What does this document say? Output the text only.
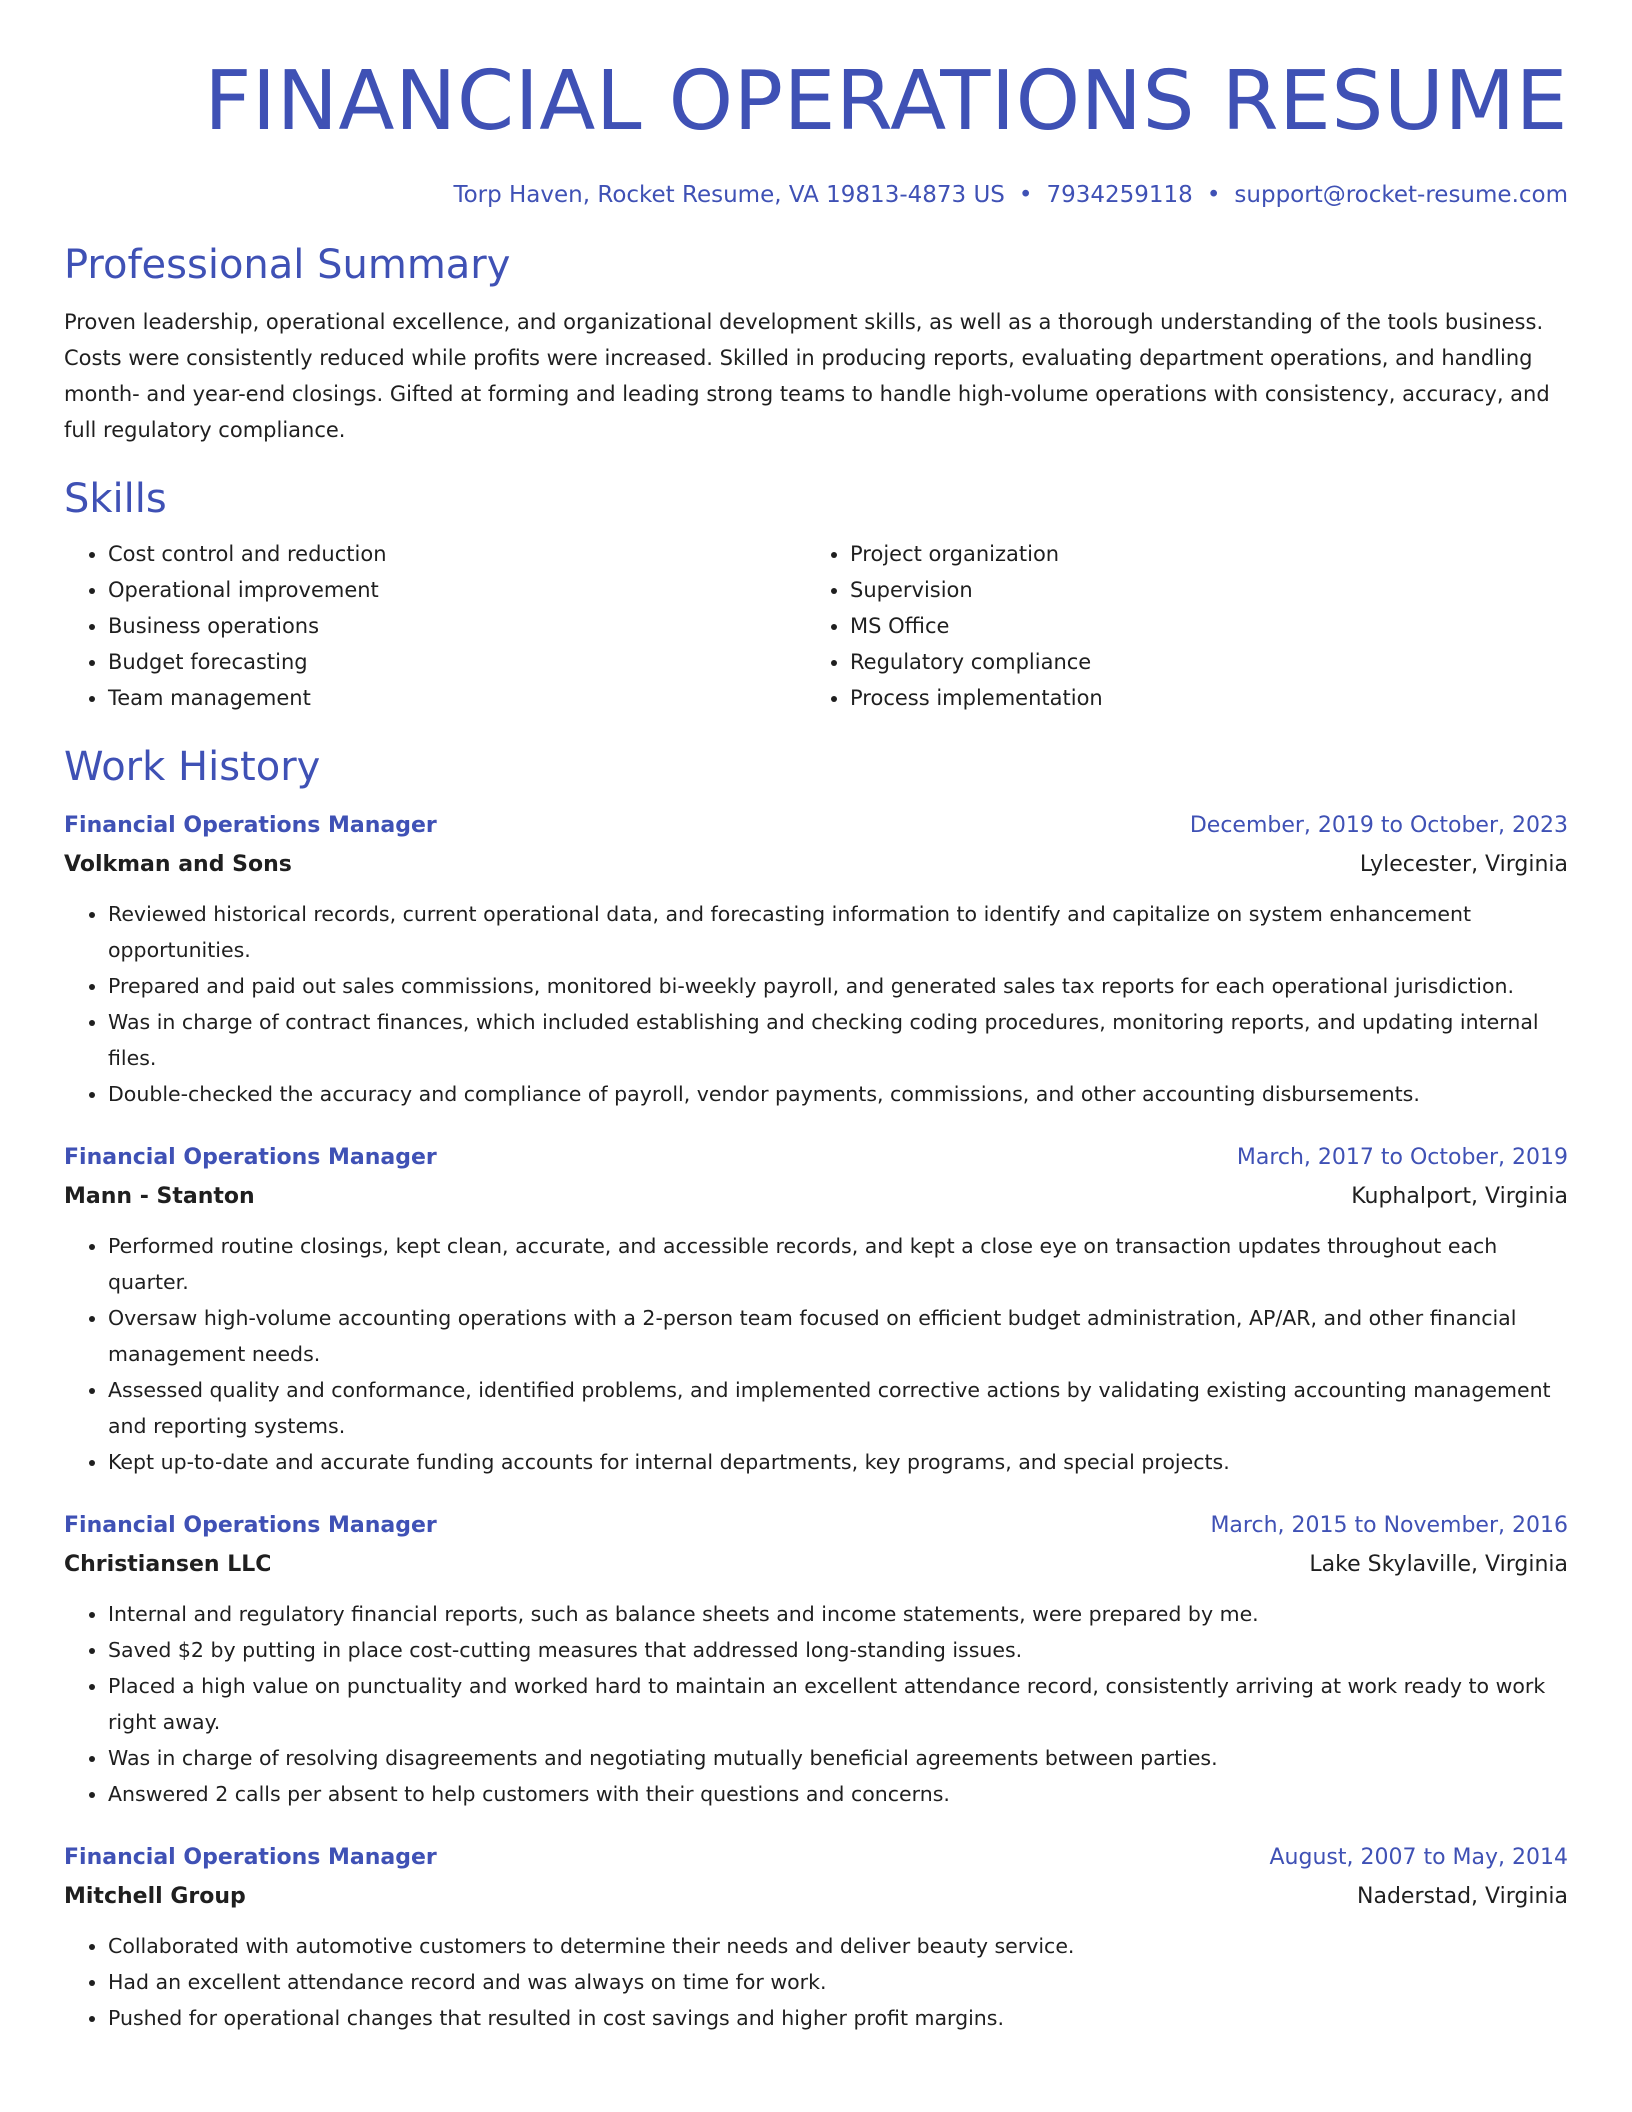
FINANCIAL OPERATIONS RESUME
Torp Haven, Rocket Resume, VA 19813-4873 US • 7934259118 • support@rocket-resume.com
Professional Summary

Proven leadership, operational excellence, and organizational development skills, as well as a thorough understanding of the tools business. Costs were consistently reduced while profits were increased. Skilled in producing reports, evaluating department operations, and handling month- and year-end closings. Gifted at forming and leading strong teams to handle high-volume operations with consistency, accuracy, and full regulatory compliance.

Skills
• Cost control and reduction
• Operational improvement
• Business operations
• Budget forecasting
• Team management
• Project organization
• Supervision
• MS Office
• Regulatory compliance
• Process implementation
Work History
Financial Operations Manager	December, 2019 to October, 2023
Volkman and Sons	Lylecester, Virginia
• Reviewed historical records, current operational data, and forecasting information to identify and capitalize on system enhancement opportunities.
• Prepared and paid out sales commissions, monitored bi-weekly payroll, and generated sales tax reports for each operational jurisdiction.
• Was in charge of contract finances, which included establishing and checking coding procedures, monitoring reports, and updating internal files.
• Double-checked the accuracy and compliance of payroll, vendor payments, commissions, and other accounting disbursements.
Financial Operations Manager	March, 2017 to October, 2019
Mann - Stanton	Kuphalport, Virginia
• Performed routine closings, kept clean, accurate, and accessible records, and kept a close eye on transaction updates throughout each quarter.
• Oversaw high-volume accounting operations with a 2-person team focused on efficient budget administration, AP/AR, and other financial management needs.
• Assessed quality and conformance, identified problems, and implemented corrective actions by validating existing accounting management and reporting systems.
• Kept up-to-date and accurate funding accounts for internal departments, key programs, and special projects.
Financial Operations Manager	March, 2015 to November, 2016
Christiansen LLC	Lake Skylaville, Virginia
• Internal and regulatory financial reports, such as balance sheets and income statements, were prepared by me.
• Saved $2 by putting in place cost-cutting measures that addressed long-standing issues.
• Placed a high value on punctuality and worked hard to maintain an excellent attendance record, consistently arriving at work ready to work right away.
• Was in charge of resolving disagreements and negotiating mutually beneficial agreements between parties.
• Answered 2 calls per absent to help customers with their questions and concerns.
Financial Operations Manager	August, 2007 to May, 2014
Mitchell Group	Naderstad, Virginia
• Collaborated with automotive customers to determine their needs and deliver beauty service.
• Had an excellent attendance record and was always on time for work.
• Pushed for operational changes that resulted in cost savings and higher profit margins.
